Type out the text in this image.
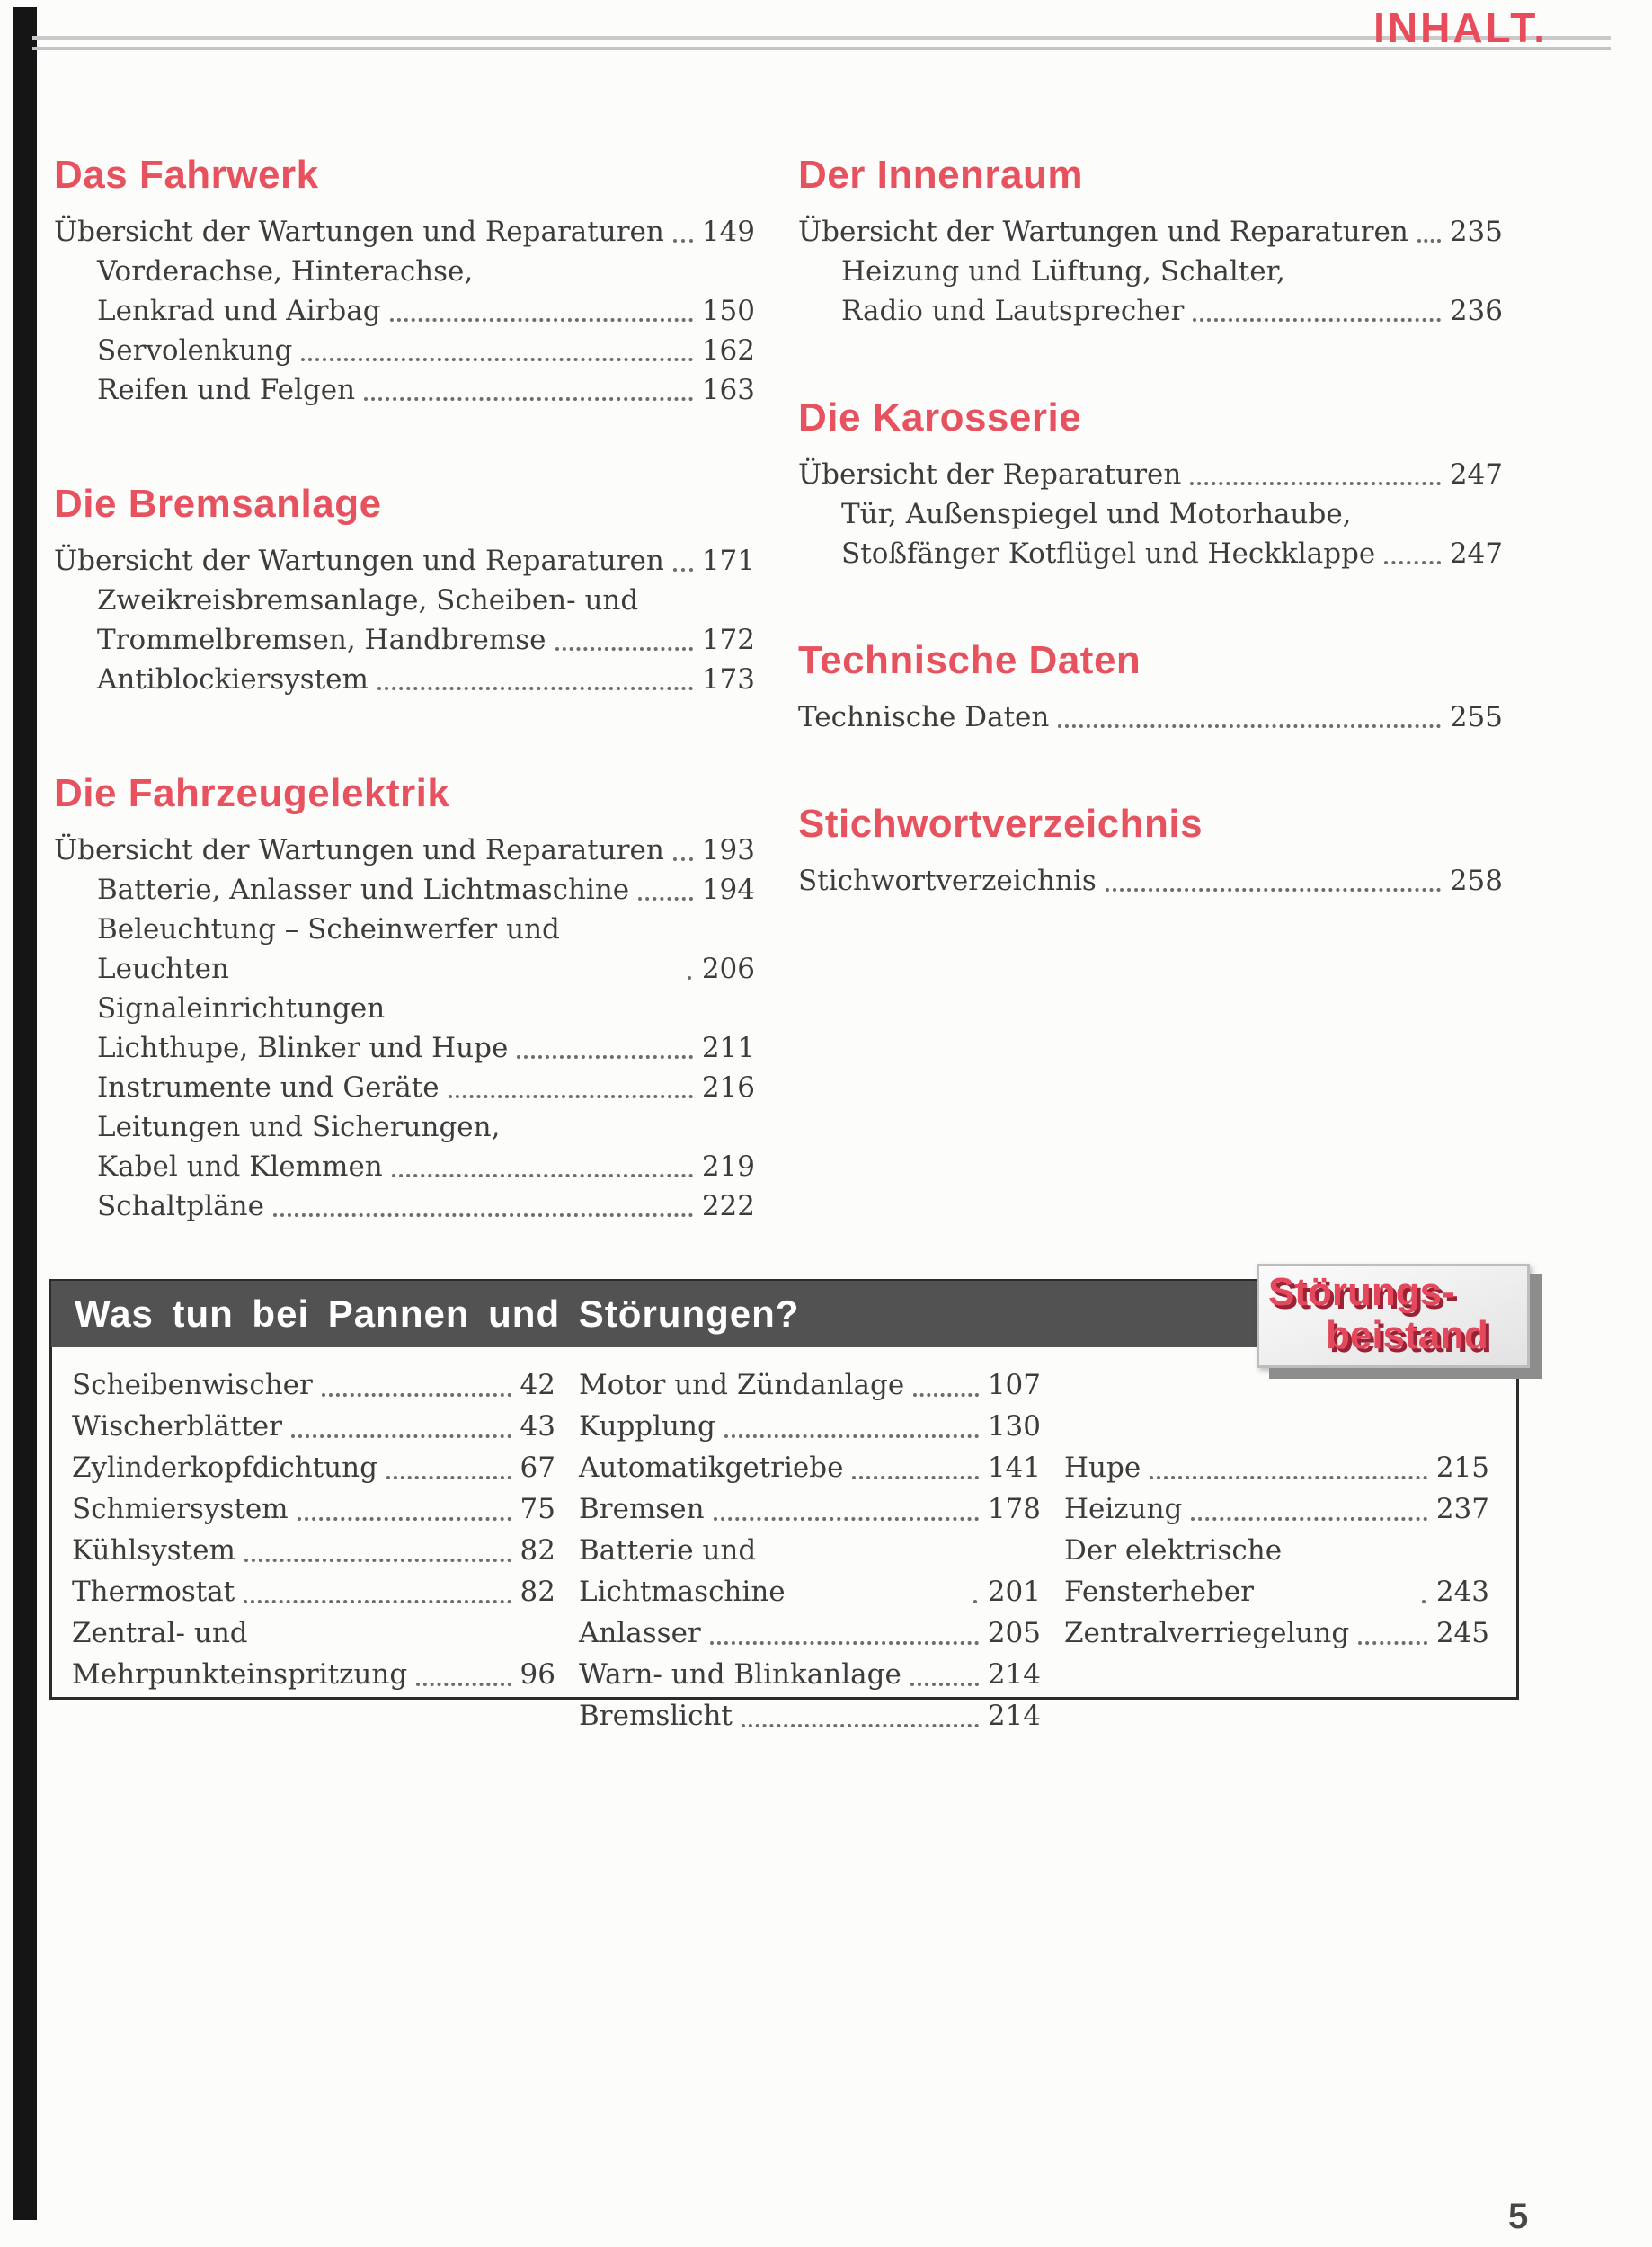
INHALT.
Das Fahrwerk
Übersicht der Wartungen und Reparaturen 149
Vorderachse, Hinterachse,
Lenkrad und Airbag	150
Servolenkung	162
Reifen und Felgen	163
Die Bremsanlage
Übersicht der Wartungen und Reparaturen 171
Zweikreisbremsanlage, Scheiben- und
Trommelbremsen, Handbremse	172
Antiblockiersystem	173
Die Fahrzeugelektrik
Übersicht der Wartungen und Reparaturen 193
Batterie, Anlasser und Lichtmaschine	194
Beleuchtung – Scheinwerfer und Leuchten	206
Signaleinrichtungen
Lichthupe, Blinker und Hupe	211
Instrumente und Geräte	216
Leitungen und Sicherungen,
Kabel und Klemmen	219
Schaltpläne	222
Der Innenraum
Übersicht der Wartungen und Reparaturen 235
Heizung und Lüftung, Schalter,
Radio und Lautsprecher	236
Die Karosserie
Übersicht der Reparaturen	247
Tür, Außenspiegel und Motorhaube,
Stoßfänger Kotflügel und Heckklappe	247
Technische Daten
Technische Daten	255
Stichwortverzeichnis
Stichwortverzeichnis	258
Was tun bei Pannen und Störungen?	Störungs-
beistand
Scheibenwischer	42
Wischerblätter	43
Zylinderkopfdichtung	67
Schmiersystem	75
Kühlsystem	82
Thermostat	82
Zentral- und
Mehrpunkteinspritzung	96
Motor und Zündanlage	107
Kupplung	130
Automatikgetriebe	141
Bremsen	178
Batterie und Lichtmaschine	201
Anlasser	205
Warn- und Blinkanlage	214
Bremslicht	214
Hupe	215
Heizung	237
Der elektrische Fensterheber	243
Zentralverriegelung	245
5
